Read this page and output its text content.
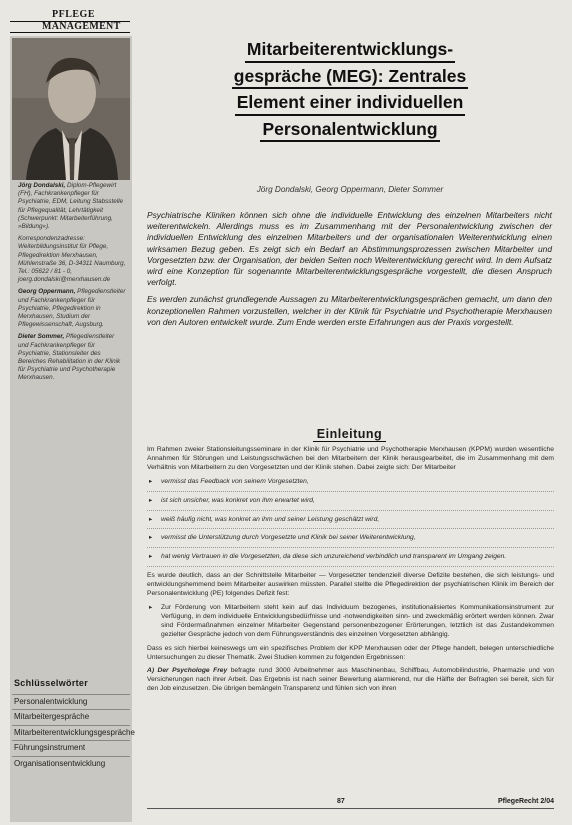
PFLEGE
MANAGEMENT

Jörg Dondalski, Diplom-Pflegewirt (FH), Fachkrankenpfleger für Psychiatrie, EDM, Leitung Stabsstelle für Pflegequalität, Lehrtätigkeit (Schwerpunkt: Mitarbeiterführung, »Bildung«).

Korrespondenzadresse: Weiterbildungsinstitut für Pflege, Pflegedirektion Merxhausen, Mühlenstraße 36, D-34311 Naumburg, Tel.: 05622 / 81 - 0, joerg.dondalski@merxhausen.de

Georg Oppermann, Pflegedienstleiter und Fachkrankenpfleger für Psychiatrie, Pflegedirektion in Merxhausen, Studium der Pflegewissenschaft, Augsburg.

Dieter Sommer, Pflegedienstleiter und Fachkrankenpfleger für Psychiatrie, Stationsleiter des Bereiches Rehabilitation in der Klinik für Psychiatrie und Psychotherapie Merxhausen.

Schlüsselwörter
Personalentwicklung
Mitarbeitergespräche
Mitarbeiterentwicklungsgespräche
Führungsinstrument
Organisationsentwicklung
Mitarbeiterentwicklungs-
gespräche (MEG): Zentrales
Element einer individuellen
Personalentwicklung
Jörg Dondalski, Georg Oppermann, Dieter Sommer

Psychiatrische Kliniken können sich ohne die individuelle Entwicklung des einzelnen Mitarbeiters nicht weiterentwickeln. Allerdings muss es im Zusammenhang mit der Personalentwicklung zwischen der individuellen Entwicklung des einzelnen Mitarbeiters und der organisationalen Weiterentwicklung einen wirksamen Bezug geben. Es zeigt sich ein Bedarf an Abstimmungsprozessen zwischen Mitarbeiter und Vorgesetzten bzw. der Organisation, der beiden Seiten noch Weiterentwicklung gerecht wird. In dem Aufsatz wird eine Konzeption für sogenannte Mitarbeiterentwicklungsgespräche vorgestellt, die diesen Anspruch verfolgt.

Es werden zunächst grundlegende Aussagen zu Mitarbeiterentwicklungsgesprächen gemacht, um dann den konzeptionellen Rahmen vorzustellen, welcher in der Klinik für Psychiatrie und Psychotherapie Merxhausen von den Autoren entwickelt wurde. Zum Ende werden erste Erfahrungen aus der Praxis vorgestellt.

Einleitung

Im Rahmen zweier Stationsleitungsseminare in der Klinik für Psychiatrie und Psychotherapie Merxhausen (KPPM) wurden wesentliche Annahmen für Störungen und Leistungsschwächen bei den Mitarbeitern der Klinik herausgearbeitet, die im Zusammenhang mit dem Verhältnis von Mitarbeitern zu den Vorgesetzten und der Klinik stehen. Dabei zeigte sich: Der Mitarbeiter

▸ vermisst das Feedback von seinem Vorgesetzten,
▸ ist sich unsicher, was konkret von ihm erwartet wird,
▸ weiß häufig nicht, was konkret an ihm und seiner Leistung geschätzt wird,
▸ vermisst die Unterstützung durch Vorgesetzte und Klinik bei seiner Weiterentwicklung,
▸ hat wenig Vertrauen in die Vorgesetzten, da diese sich unzureichend verbindlich und transparent im Umgang zeigen.

Es wurde deutlich, dass an der Schnittstelle Mitarbeiter — Vorgesetzter tendenziell diverse Defizite bestehen, die sich leistungs- und entwicklungshemmend beim Mitarbeiter auswirken müssten. Parallel stellte die Pflegedirektion der psychiatrischen Klinik im Bereich der Personalentwicklung (PE) folgendes Defizit fest:

▸ Zur Förderung von Mitarbeitern steht kein auf das Individuum bezogenes, institutionalisiertes Kommunikationsinstrument zur Verfügung, in dem individuelle Entwicklungsbedürfnisse und -notwendigkeiten sinn- und zweckmäßig erörtert werden können. Zwar sind Fördermaßnahmen einzelner Mitarbeiter Gegenstand personenbezogener Erörterungen, letztlich ist das Zustandekommen gezielter Gespräche jedoch von dem Führungsverständnis des einzelnen Vorgesetzten abhängig.

Dass es sich hierbei keineswegs um ein spezifisches Problem der KPP Merxhausen oder der Pflege handelt, belegen unterschiedliche Untersuchungen zu dieser Thematik. Zwei Studien kommen zu folgenden Ergebnissen:

A) Der Psychologe Frey befragte rund 3000 Arbeitnehmer aus Maschinenbau, Schiffbau, Automobilindustrie, Pharmazie und von Versicherungen nach ihrer Arbeit. Das Ergebnis ist nach seiner Bewertung alarmierend, nur die Hälfte der Befragten sei bereit, sich für den Job einzusetzen. Die übrigen bemängeln Transparenz und fühlen sich von ihren

87	PflegeRecht 2/04
